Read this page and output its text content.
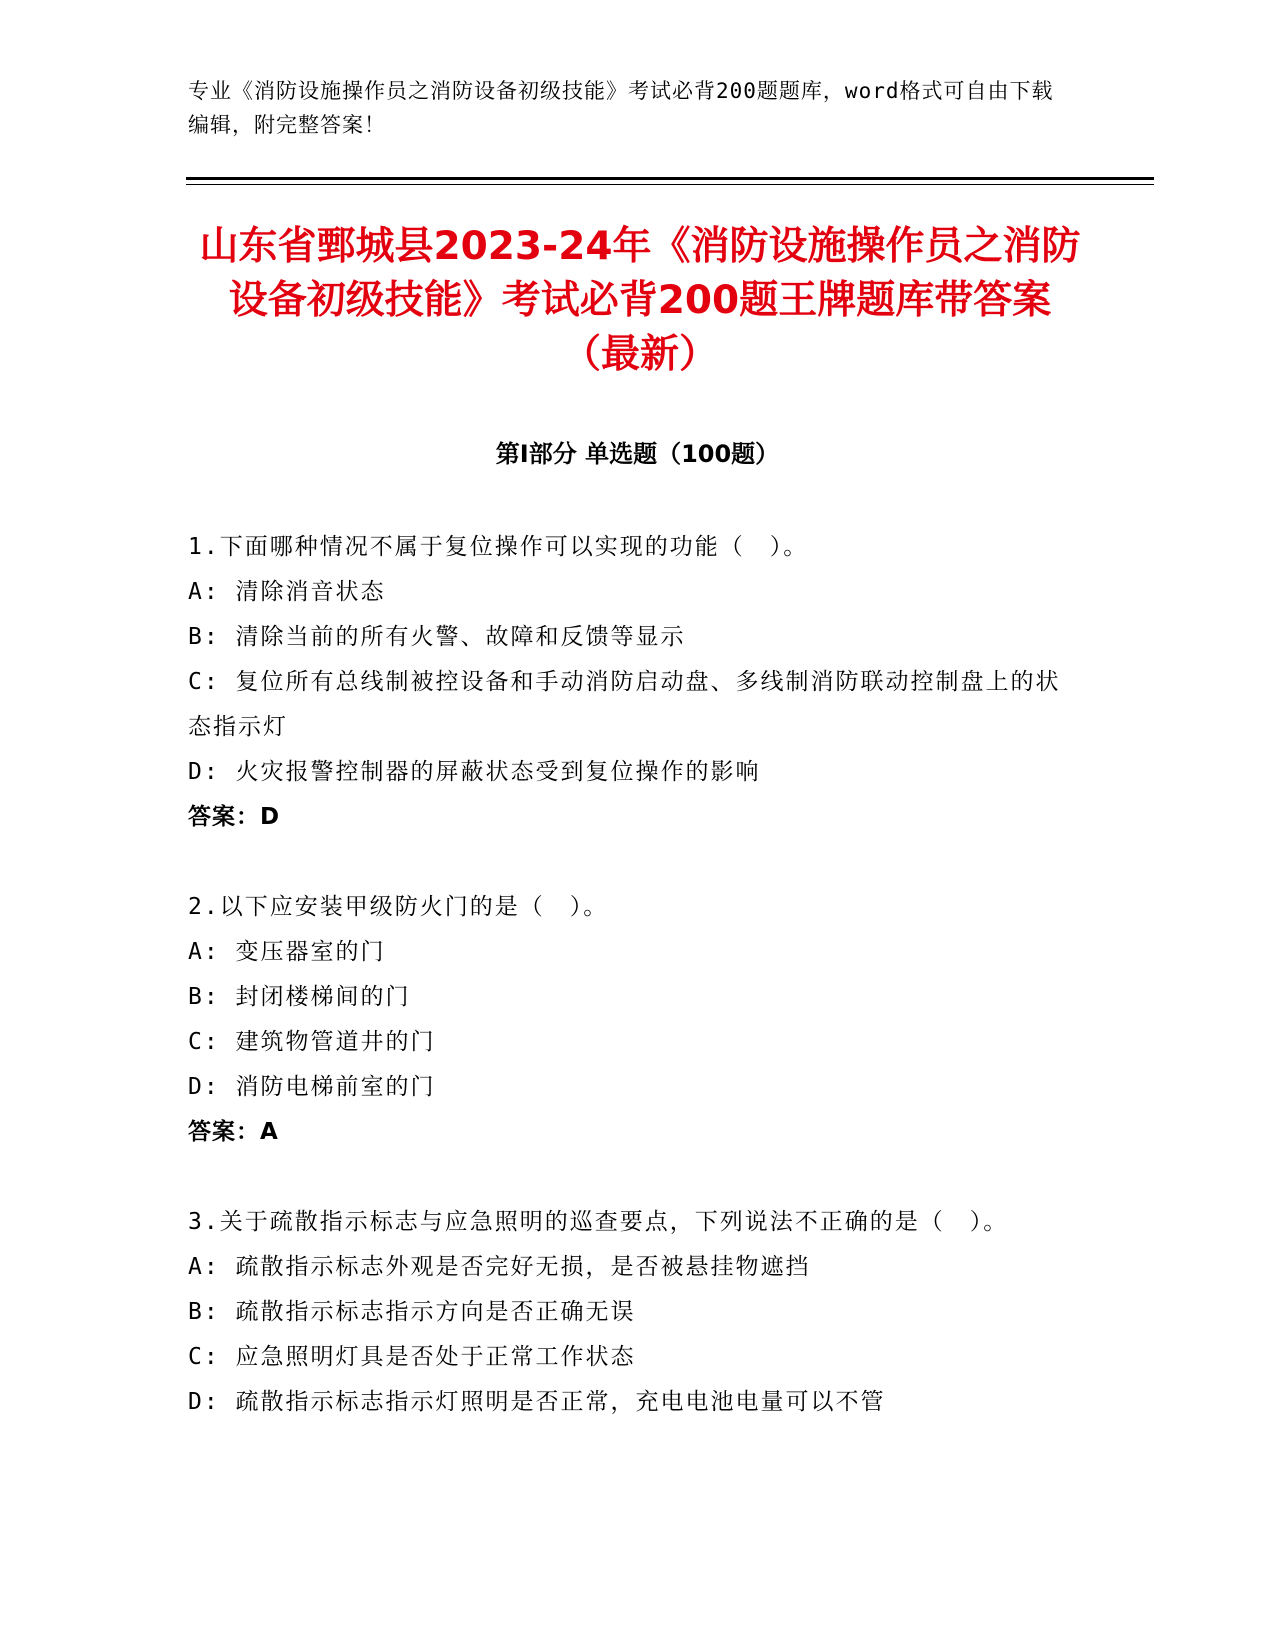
专业《消防设施操作员之消防设备初级技能》考试必背200题题库，word格式可自由下载编辑，附完整答案！
山东省鄄城县2023-24年《消防设施操作员之消防设备初级技能》考试必背200题王牌题库带答案（最新）
第Ⅰ部分 单选题（100题）

1.下面哪种情况不属于复位操作可以实现的功能（　）。

A: 清除消音状态

B: 清除当前的所有火警、故障和反馈等显示

C: 复位所有总线制被控设备和手动消防启动盘、多线制消防联动控制盘上的状态指示灯

D: 火灾报警控制器的屏蔽状态受到复位操作的影响

答案：D

2.以下应安装甲级防火门的是（　）。

A: 变压器室的门

B: 封闭楼梯间的门

C: 建筑物管道井的门

D: 消防电梯前室的门

答案：A

3.关于疏散指示标志与应急照明的巡查要点，下列说法不正确的是（　）。

A: 疏散指示标志外观是否完好无损，是否被悬挂物遮挡

B: 疏散指示标志指示方向是否正确无误

C: 应急照明灯具是否处于正常工作状态

D: 疏散指示标志指示灯照明是否正常，充电电池电量可以不管
